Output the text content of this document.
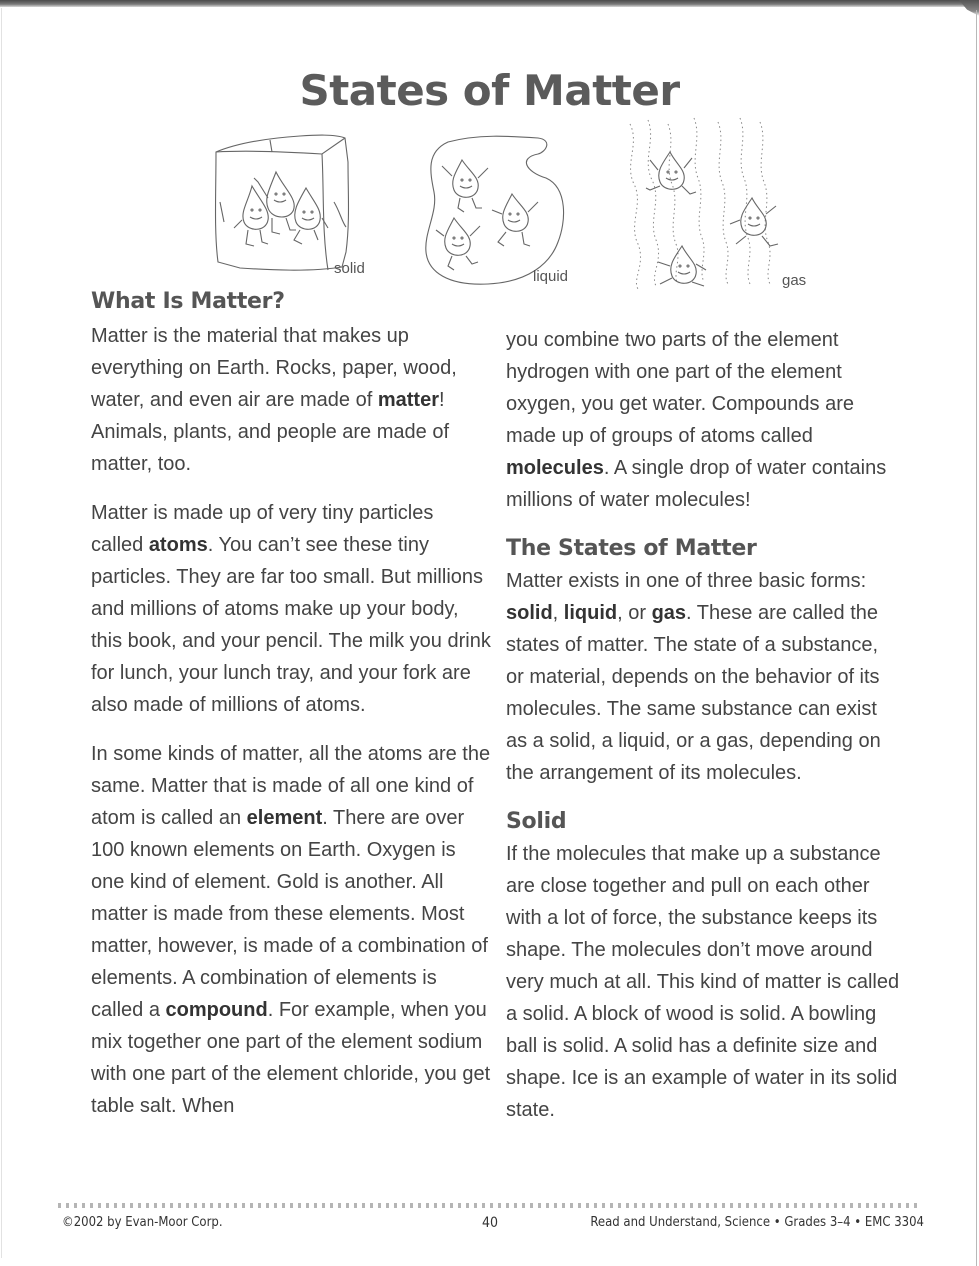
States of Matter
solid	liquid	gas
What Is Matter?

Matter is the material that makes up everything on Earth. Rocks, paper, wood, water, and even air are made of matter! Animals, plants, and people are made of matter, too.

Matter is made up of very tiny particles called atoms. You can’t see these tiny particles. They are far too small. But millions and millions of atoms make up your body, this book, and your pencil. The milk you drink for lunch, your lunch tray, and your fork are also made of millions of atoms.

In some kinds of matter, all the atoms are the same. Matter that is made of all one kind of atom is called an element. There are over 100 known elements on Earth. Oxygen is one kind of element. Gold is another. All matter is made from these elements. Most matter, however, is made of a combination of elements. A combination of elements is called a compound. For example, when you mix together one part of the element sodium with one part of the element chloride, you get table salt. When

you combine two parts of the element hydrogen with one part of the element oxygen, you get water. Compounds are made up of groups of atoms called molecules. A single drop of water contains millions of water molecules!

The States of Matter

Matter exists in one of three basic forms: solid, liquid, or gas. These are called the states of matter. The state of a substance, or material, depends on the behavior of its molecules. The same substance can exist as a solid, a liquid, or a gas, depending on the arrangement of its molecules.

Solid

If the molecules that make up a substance are close together and pull on each other with a lot of force, the substance keeps its shape. The molecules don’t move around very much at all. This kind of matter is called a solid. A block of wood is solid. A bowling ball is solid. A solid has a definite size and shape. Ice is an example of water in its solid state.

©2002 by Evan-Moor Corp.	40	Read and Understand, Science • Grades 3–4 • EMC 3304
